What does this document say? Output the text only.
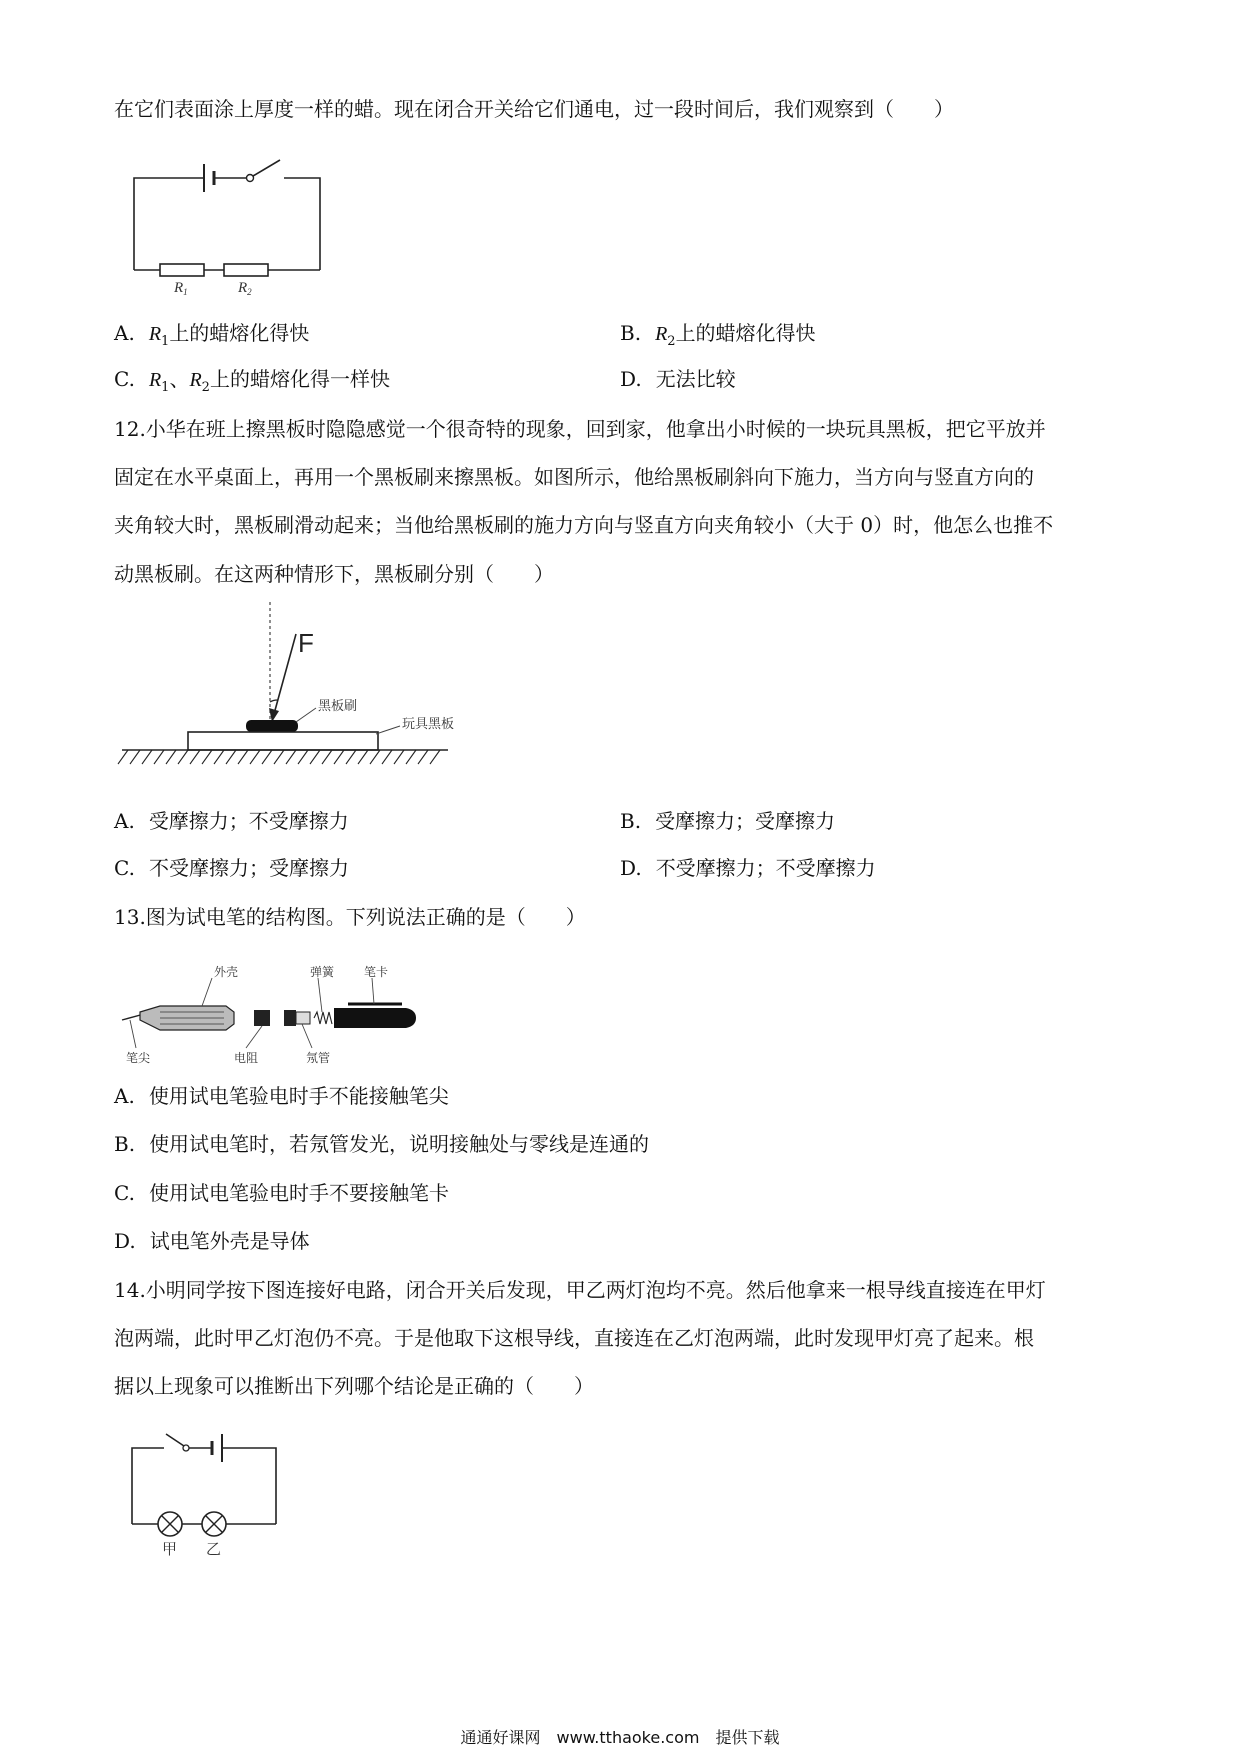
在它们表面涂上厚度一样的蜡。现在闭合开关给它们通电，过一段时间后，我们观察到（　　）
$R_1$	$R_2$
A. $R_1$上的蜡熔化得快	B. $R_2$上的蜡熔化得快
C. $R_1$、$R_2$上的蜡熔化得一样快	D. 无法比较
12.小华在班上擦黑板时隐隐感觉一个很奇特的现象，回到家，他拿出小时候的一块玩具黑板，把它平放并
固定在水平桌面上，再用一个黑板刷来擦黑板。如图所示，他给黑板刷斜向下施力，当方向与竖直方向的
夹角较大时，黑板刷滑动起来；当他给黑板刷的施力方向与竖直方向夹角较小（大于 0）时，他怎么也推不
动黑板刷。在这两种情形下，黑板刷分别（　　）
F
黑板刷
玩具黑板
A. 受摩擦力；不受摩擦力	B. 受摩擦力；受摩擦力
C. 不受摩擦力；受摩擦力	D. 不受摩擦力；不受摩擦力
13.图为试电笔的结构图。下列说法正确的是（　　）
外壳	弹簧 笔卡
笔尖	电阻	氖管
A. 使用试电笔验电时手不能接触笔尖
B. 使用试电笔时，若氖管发光，说明接触处与零线是连通的
C. 使用试电笔验电时手不要接触笔卡
D. 试电笔外壳是导体
14.小明同学按下图连接好电路，闭合开关后发现，甲乙两灯泡均不亮。然后他拿来一根导线直接连在甲灯
泡两端，此时甲乙灯泡仍不亮。于是他取下这根导线，直接连在乙灯泡两端，此时发现甲灯亮了起来。根
据以上现象可以推断出下列哪个结论是正确的（　　）
甲 乙
通通好课网　www.tthaoke.com　提供下载
